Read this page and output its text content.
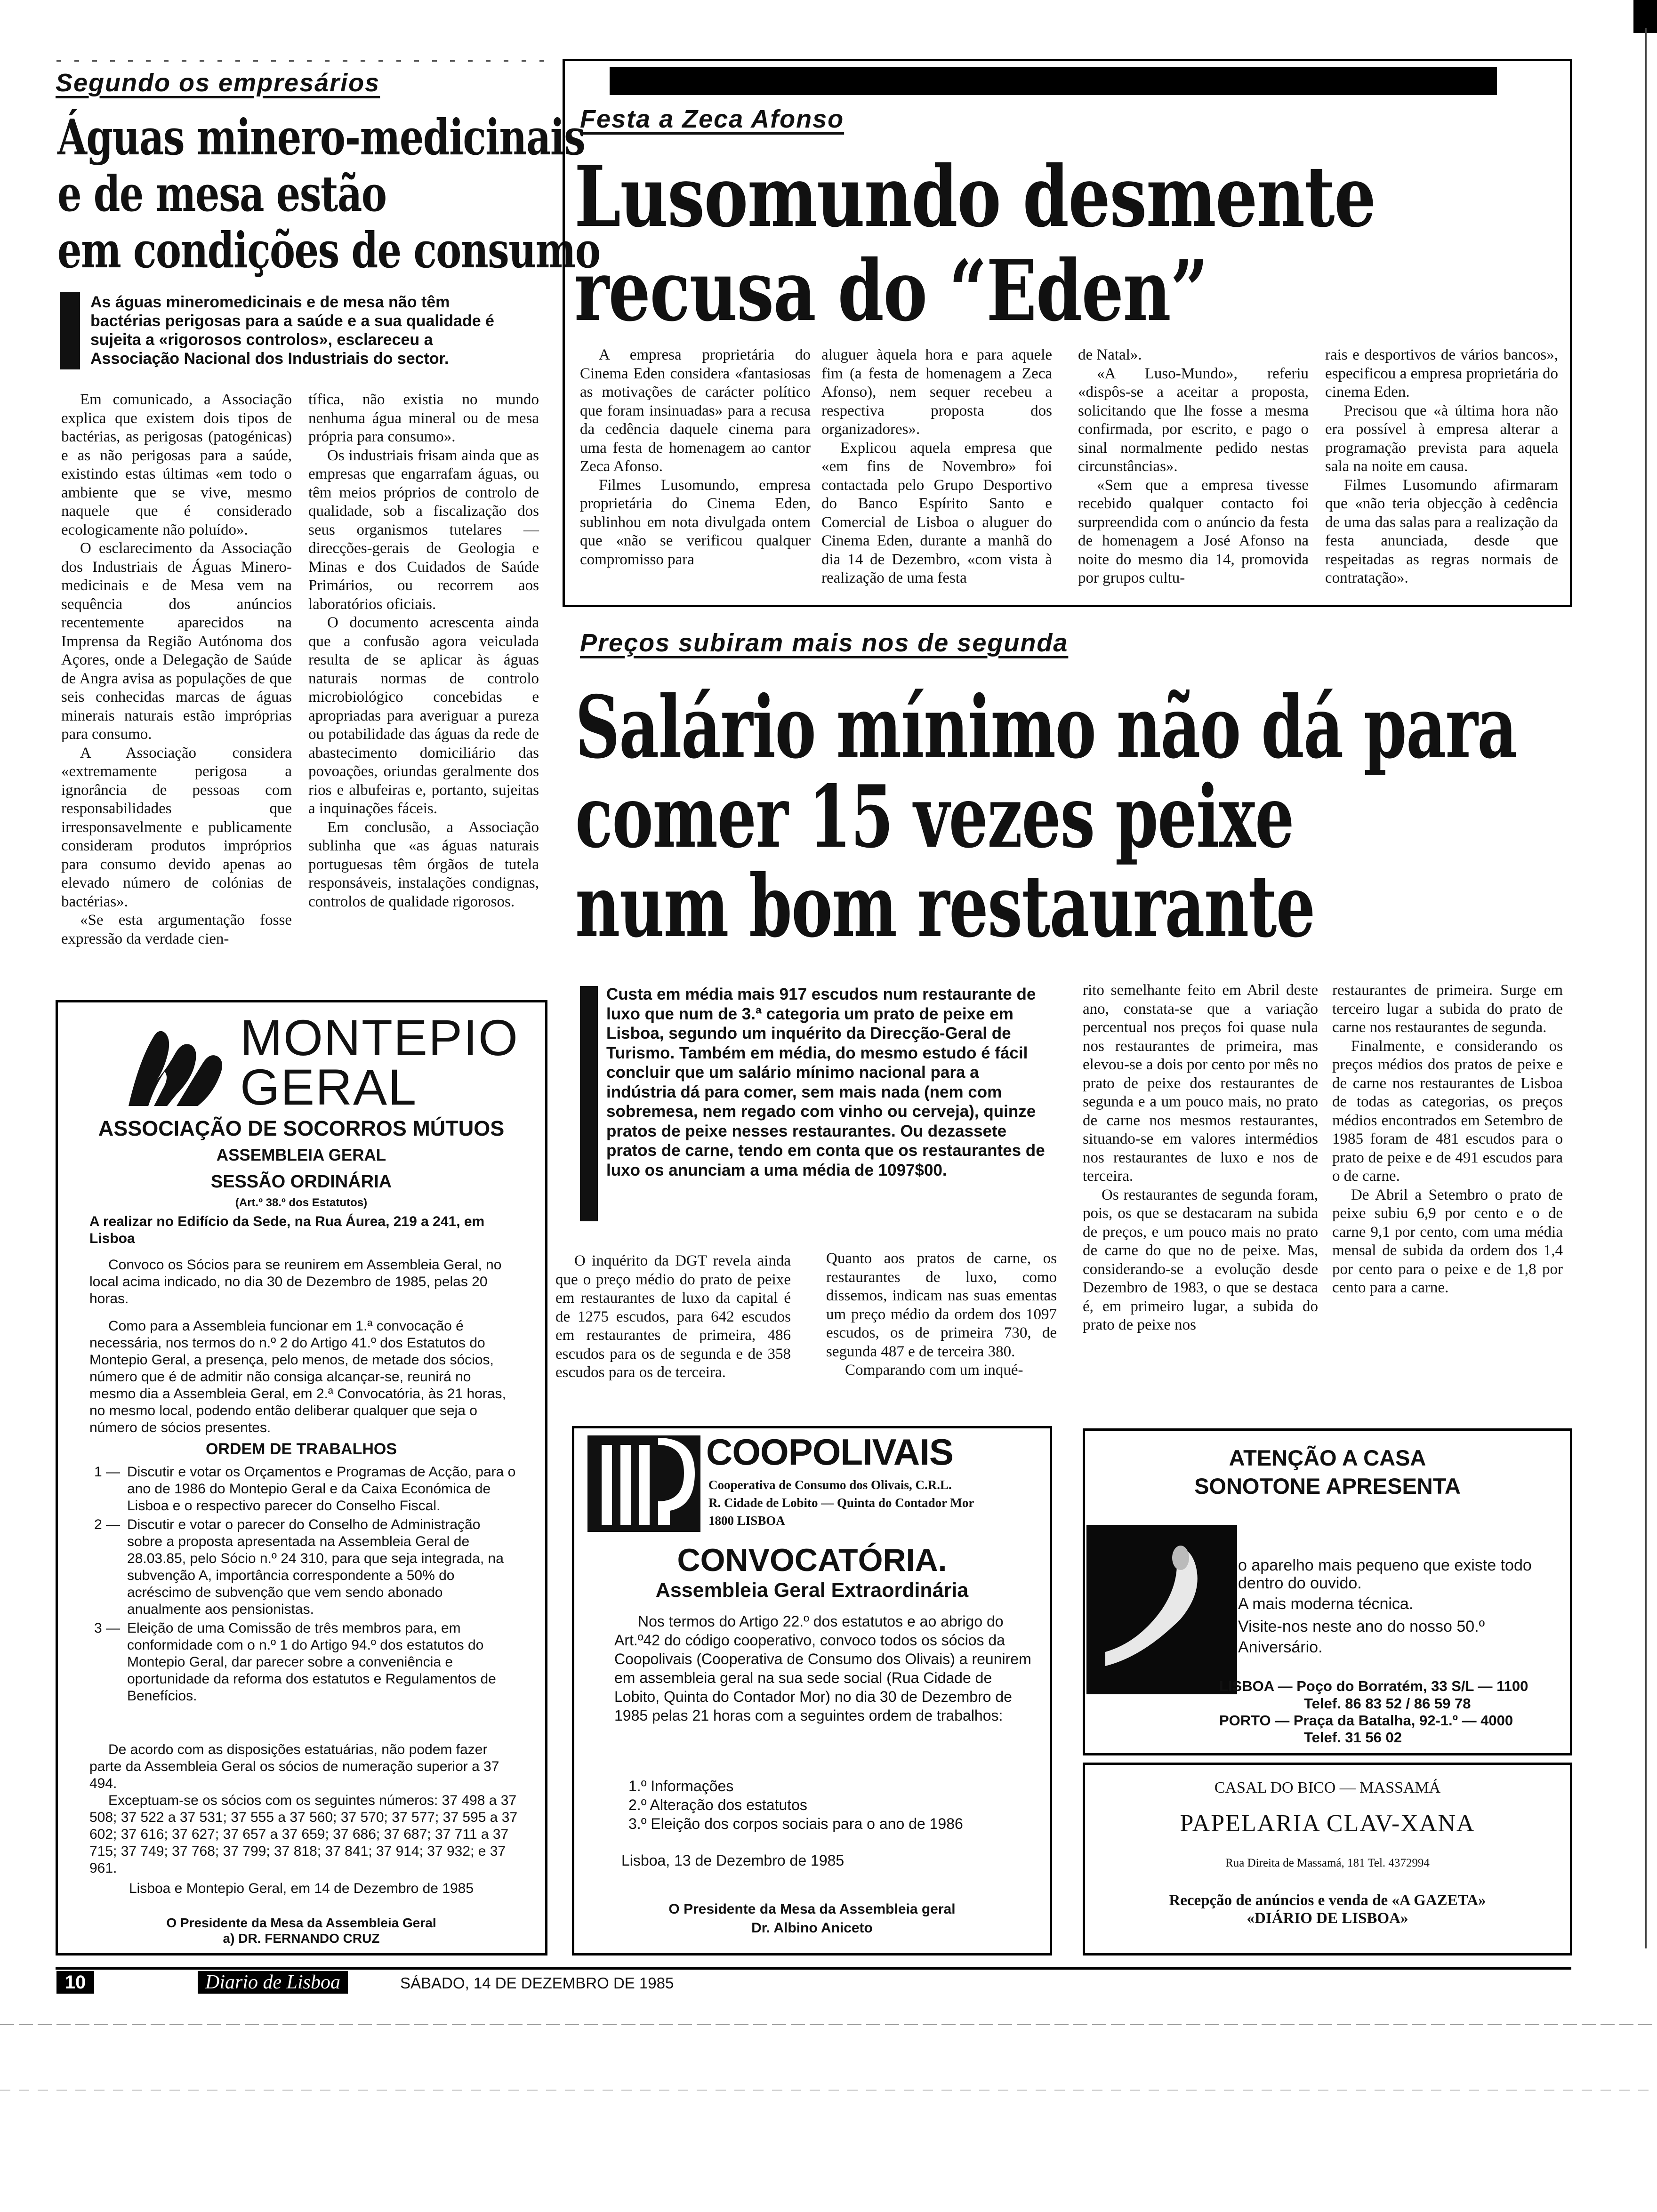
Segundo os empresários
Águas minero-medicinais
e de mesa estão
em condições de consumo
As águas mineromedicinais e de mesa não têm bactérias perigosas para a saúde e a sua qualidade é sujeita a «rigorosos controlos», esclareceu a Associação Nacional dos Industriais do sector.

Em comunicado, a Associação explica que existem dois tipos de bactérias, as perigosas (patogénicas) e as não perigosas para a saúde, existindo estas últimas «em todo o ambiente que se vive, mesmo naquele que é considerado ecologicamente não poluído».

O esclarecimento da Associação dos Industriais de Águas Minero-medicinais e de Mesa vem na sequência dos anúncios recentemente aparecidos na Imprensa da Região Autónoma dos Açores, onde a Delegação de Saúde de Angra avisa as populações de que seis conhecidas marcas de águas minerais naturais estão impróprias para consumo.

A Associação considera «extremamente perigosa a ignorância de pessoas com responsabilidades que irresponsavelmente e publicamente consideram produtos impróprios para consumo devido apenas ao elevado número de colónias de bactérias».

«Se esta argumentação fosse expressão da verdade cien-

tífica, não existia no mundo nenhuma água mineral ou de mesa própria para consumo».

Os industriais frisam ainda que as empresas que engarrafam águas, ou têm meios próprios de controlo de qualidade, sob a fiscalização dos seus organismos tutelares — direcções-gerais de Geologia e Minas e dos Cuidados de Saúde Primários, ou recorrem aos laboratórios oficiais.

O documento acrescenta ainda que a confusão agora veiculada resulta de se aplicar às águas naturais normas de controlo microbiológico concebidas e apropriadas para averiguar a pureza ou potabilidade das águas da rede de abastecimento domiciliário das povoações, oriundas geralmente dos rios e albufeiras e, portanto, sujeitas a inquinações fáceis.

Em conclusão, a Associação sublinha que «as águas naturais portuguesas têm órgãos de tutela responsáveis, instalações condignas, controlos de qualidade rigorosos.

Festa a Zeca Afonso
Lusomundo desmente
recusa do “Eden”

A empresa proprietária do Cinema Eden considera «fantasiosas as motivações de carácter político que foram insinuadas» para a recusa da cedência daquele cinema para uma festa de homenagem ao cantor Zeca Afonso.

Filmes Lusomundo, empresa proprietária do Cinema Eden, sublinhou em nota divulgada ontem que «não se verificou qualquer compromisso para

aluguer àquela hora e para aquele fim (a festa de homenagem a Zeca Afonso), nem sequer recebeu a respectiva proposta dos organizadores».

Explicou aquela empresa que «em fins de Novembro» foi contactada pelo Grupo Desportivo do Banco Espírito Santo e Comercial de Lisboa o aluguer do Cinema Eden, durante a manhã do dia 14 de Dezembro, «com vista à realização de uma festa

de Natal».

«A Luso-Mundo», referiu «dispôs-se a aceitar a proposta, solicitando que lhe fosse a mesma confirmada, por escrito, e pago o sinal normalmente pedido nestas circunstâncias».

«Sem que a empresa tivesse recebido qualquer contacto foi surpreendida com o anúncio da festa de homenagem a José Afonso na noite do mesmo dia 14, promovida por grupos cultu-

rais e desportivos de vários bancos», especificou a empresa proprietária do cinema Eden.

Precisou que «à última hora não era possível à empresa alterar a programação prevista para aquela sala na noite em causa.

Filmes Lusomundo afirmaram que «não teria objecção à cedência de uma das salas para a realização da festa anunciada, desde que respeitadas as regras normais de contratação».

Preços subiram mais nos de segunda
Salário mínimo não dá para
comer 15 vezes peixe
num bom restaurante
Custa em média mais 917 escudos num restaurante de luxo que num de 3.ª categoria um prato de peixe em Lisboa, segundo um inquérito da Direcção-Geral de Turismo. Também em média, do mesmo estudo é fácil concluir que um salário mínimo nacional para a indústria dá para comer, sem mais nada (nem com sobremesa, nem regado com vinho ou cerveja), quinze pratos de peixe nesses restaurantes. Ou dezassete pratos de carne, tendo em conta que os restaurantes de luxo os anunciam a uma média de 1097$00.

O inquérito da DGT revela ainda que o preço médio do prato de peixe em restaurantes de luxo da capital é de 1275 escudos, para 642 escudos em restaurantes de primeira, 486 escudos para os de segunda e de 358 escudos para os de terceira.

Quanto aos pratos de carne, os restaurantes de luxo, como dissemos, indicam nas suas ementas um preço médio da ordem dos 1097 escudos, os de primeira 730, de segunda 487 e de terceira 380.

Comparando com um inqué-

rito semelhante feito em Abril deste ano, constata-se que a variação percentual nos preços foi quase nula nos restaurantes de primeira, mas elevou-se a dois por cento por mês no prato de peixe dos restaurantes de segunda e a um pouco mais, no prato de carne nos mesmos restaurantes, situando-se em valores intermédios nos restaurantes de luxo e nos de terceira.

Os restaurantes de segunda foram, pois, os que se destacaram na subida de preços, e um pouco mais no prato de carne do que no de peixe. Mas, considerando-se a evolução desde Dezembro de 1983, o que se destaca é, em primeiro lugar, a subida do prato de peixe nos

restaurantes de primeira. Surge em terceiro lugar a subida do prato de carne nos restaurantes de segunda.

Finalmente, e considerando os preços médios dos pratos de peixe e de carne nos restaurantes de Lisboa de todas as categorias, os preços médios encontrados em Setembro de 1985 foram de 481 escudos para o prato de peixe e de 491 escudos para o de carne.

De Abril a Setembro o prato de peixe subiu 6,9 por cento e o de carne 9,1 por cento, com uma média mensal de subida da ordem dos 1,4 por cento para o peixe e de 1,8 por cento para a carne.

MONTEPIO
GERAL
ASSOCIAÇÃO DE SOCORROS MÚTUOS
ASSEMBLEIA GERAL
SESSÃO ORDINÁRIA
(Art.º 38.º dos Estatutos)
A realizar no Edifício da Sede, na Rua Áurea, 219 a 241, em Lisboa
Convoco os Sócios para se reunirem em Assembleia Geral, no local acima indicado, no dia 30 de Dezembro de 1985, pelas 20 horas.
Como para a Assembleia funcionar em 1.ª convocação é necessária, nos termos do n.º 2 do Artigo 41.º dos Estatutos do Montepio Geral, a presença, pelo menos, de metade dos sócios, número que é de admitir não consiga alcançar-se, reunirá no mesmo dia a Assembleia Geral, em 2.ª Convocatória, às 21 horas, no mesmo local, podendo então deliberar qualquer que seja o número de sócios presentes.
ORDEM DE TRABALHOS
1 — Discutir e votar os Orçamentos e Programas de Acção, para o ano de 1986 do Montepio Geral e da Caixa Económica de Lisboa e o respectivo parecer do Conselho Fiscal.
2 — Discutir e votar o parecer do Conselho de Administração sobre a proposta apresentada na Assembleia Geral de 28.03.85, pelo Sócio n.º 24 310, para que seja integrada, na subvenção A, importância correspondente a 50% do acréscimo de subvenção que vem sendo abonado anualmente aos pensionistas.
3 — Eleição de uma Comissão de três membros para, em conformidade com o n.º 1 do Artigo 94.º dos estatutos do Montepio Geral, dar parecer sobre a conveniência e oportunidade da reforma dos estatutos e Regulamentos de Benefícios.
De acordo com as disposições estatuárias, não podem fazer parte da Assembleia Geral os sócios de numeração superior a 37 494.
Exceptuam-se os sócios com os seguintes números: 37 498 a 37 508; 37 522 a 37 531; 37 555 a 37 560; 37 570; 37 577; 37 595 a 37 602; 37 616; 37 627; 37 657 a 37 659; 37 686; 37 687; 37 711 a 37 715; 37 749; 37 768; 37 799; 37 818; 37 841; 37 914; 37 932; e 37 961.
Lisboa e Montepio Geral, em 14 de Dezembro de 1985
O Presidente da Mesa da Assembleia Geral
a) DR. FERNANDO CRUZ
COOPOLIVAIS
Cooperativa de Consumo dos Olivais, C.R.L.
R. Cidade de Lobito — Quinta do Contador Mor
1800 LISBOA
CONVOCATÓRIA.
Assembleia Geral Extraordinária
Nos termos do Artigo 22.º dos estatutos e ao abrigo do Art.º42 do código cooperativo, convoco todos os sócios da Coopolivais (Cooperativa de Consumo dos Olivais) a reunirem em assembleia geral na sua sede social (Rua Cidade de Lobito, Quinta do Contador Mor) no dia 30 de Dezembro de 1985 pelas 21 horas com a seguintes ordem de trabalhos:
1.º Informações
2.º Alteração dos estatutos
3.º Eleição dos corpos sociais para o ano de 1986
Lisboa, 13 de Dezembro de 1985
O Presidente da Mesa da Assembleia geral
Dr. Albino Aniceto
ATENÇÃO A CASA
SONOTONE APRESENTA
o aparelho mais pequeno que existe todo
dentro do ouvido.
A mais moderna técnica.
Visite-nos neste ano do nosso 50.º Aniversário.
LISBOA — Poço do Borratém, 33 S/L — 1100
Telef. 86 83 52 / 86 59 78
PORTO — Praça da Batalha, 92-1.º — 4000
Telef. 31 56 02
CASAL DO BICO — MASSAMÁ
PAPELARIA CLAV-XANA
Rua Direita de Massamá, 181 Tel. 4372994
Recepção de anúncios e venda de «A GAZETA»
«DIÁRIO DE LISBOA»
10	Diario de Lisboa	SÁBADO, 14 DE DEZEMBRO DE 1985
